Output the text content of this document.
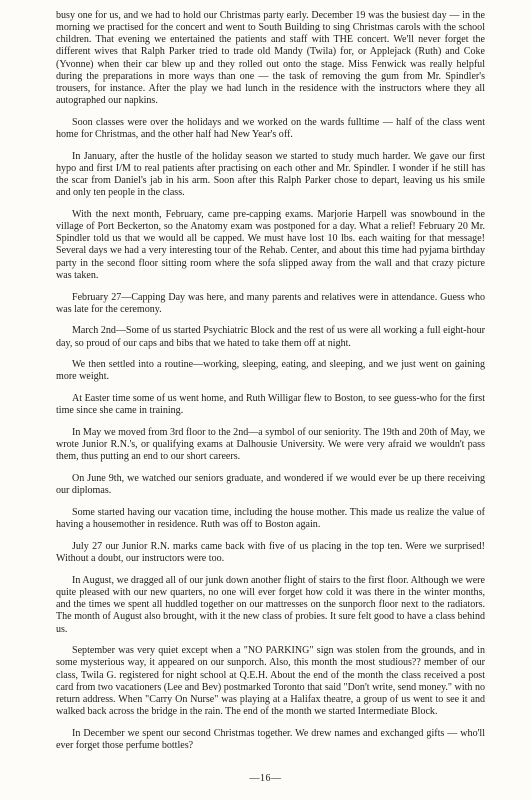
busy one for us, and we had to hold our Christmas party early. December 19 was the busiest day — in the morning we practised for the concert and went to South Building to sing Christmas carols with the school children. That evening we entertained the patients and staff with THE concert. We'll never forget the different wives that Ralph Parker tried to trade old Mandy (Twila) for, or Applejack (Ruth) and Coke (Yvonne) when their car blew up and they rolled out onto the stage. Miss Fenwick was really helpful during the preparations in more ways than one — the task of removing the gum from Mr. Spindler's trousers, for instance. After the play we had lunch in the residence with the instructors where they all autographed our napkins.

Soon classes were over the holidays and we worked on the wards fulltime — half of the class went home for Christmas, and the other half had New Year's off.

In January, after the hustle of the holiday season we started to study much harder. We gave our first hypo and first I/M to real patients after practising on each other and Mr. Spindler. I wonder if he still has the scar from Daniel's jab in his arm. Soon after this Ralph Parker chose to depart, leaving us his smile and only ten people in the class.

With the next month, February, came pre-capping exams. Marjorie Harpell was snowbound in the village of Port Beckerton, so the Anatomy exam was postponed for a day. What a relief! February 20 Mr. Spindler told us that we would all be capped. We must have lost 10 lbs. each waiting for that message! Several days we had a very interesting tour of the Rehab. Center, and about this time had pyjama birthday party in the second floor sitting room where the sofa slipped away from the wall and that crazy picture was taken.

February 27—Capping Day was here, and many parents and relatives were in attendance. Guess who was late for the ceremony.

March 2nd—Some of us started Psychiatric Block and the rest of us were all working a full eight-hour day, so proud of our caps and bibs that we hated to take them off at night.

We then settled into a routine—working, sleeping, eating, and sleeping, and we just went on gaining more weight.

At Easter time some of us went home, and Ruth Willigar flew to Boston, to see guess-who for the first time since she came in training.

In May we moved from 3rd floor to the 2nd—a symbol of our seniority. The 19th and 20th of May, we wrote Junior R.N.'s, or qualifying exams at Dalhousie University. We were very afraid we wouldn't pass them, thus putting an end to our short careers.

On June 9th, we watched our seniors graduate, and wondered if we would ever be up there receiving our diplomas.

Some started having our vacation time, including the house mother. This made us realize the value of having a housemother in residence. Ruth was off to Boston again.

July 27 our Junior R.N. marks came back with five of us placing in the top ten. Were we surprised! Without a doubt, our instructors were too.

In August, we dragged all of our junk down another flight of stairs to the first floor. Although we were quite pleased with our new quarters, no one will ever forget how cold it was there in the winter months, and the times we spent all huddled together on our mattresses on the sunporch floor next to the radiators. The month of August also brought, with it the new class of probies. It sure felt good to have a class behind us.

September was very quiet except when a "NO PARKING" sign was stolen from the grounds, and in some mysterious way, it appeared on our sunporch. Also, this month the most studious?? member of our class, Twila G. registered for night school at Q.E.H. About the end of the month the class received a post card from two vacationers (Lee and Bev) postmarked Toronto that said "Don't write, send money." with no return address. When "Carry On Nurse" was playing at a Halifax theatre, a group of us went to see it and walked back across the bridge in the rain. The end of the month we started Intermediate Block.

In December we spent our second Christmas together. We drew names and exchanged gifts — who'll ever forget those perfume bottles?

—16—
